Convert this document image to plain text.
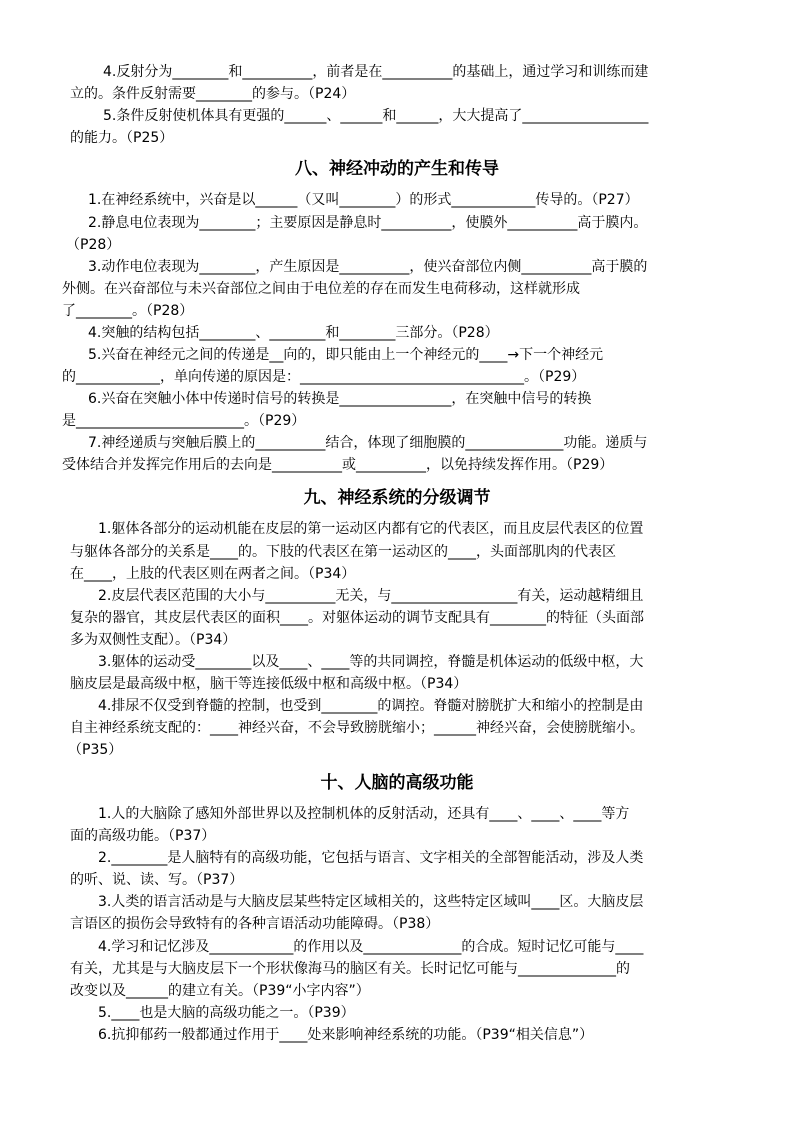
4.反射分为________和__________，前者是在__________的基础上，通过学习和训练而建
立的。条件反射需要________的参与。（P24）
5.条件反射使机体具有更强的______、______和______，大大提高了__________________
的能力。（P25）
八、神经冲动的产生和传导
1.在神经系统中，兴奋是以______（又叫________）的形式____________传导的。（P27）
2.静息电位表现为________；主要原因是静息时__________，使膜外__________高于膜内。
（P28）
3.动作电位表现为________，产生原因是__________，使兴奋部位内侧__________高于膜的
外侧。在兴奋部位与未兴奋部位之间由于电位差的存在而发生电荷移动，这样就形成
了________。（P28）
4.突触的结构包括________、________和________三部分。（P28）
5.兴奋在神经元之间的传递是__向的，即只能由上一个神经元的____→下一个神经元
的____________，单向传递的原因是：________________________________。（P29）
6.兴奋在突触小体中传递时信号的转换是________________，在突触中信号的转换
是________________________。（P29）
7.神经递质与突触后膜上的__________结合，体现了细胞膜的______________功能。递质与
受体结合并发挥完作用后的去向是__________或__________，以免持续发挥作用。（P29）
九、神经系统的分级调节
1.躯体各部分的运动机能在皮层的第一运动区内都有它的代表区，而且皮层代表区的位置
与躯体各部分的关系是____的。下肢的代表区在第一运动区的____，头面部肌肉的代表区
在____，上肢的代表区则在两者之间。（P34）
2.皮层代表区范围的大小与__________无关，与__________________有关，运动越精细且
复杂的器官，其皮层代表区的面积____。对躯体运动的调节支配具有________的特征（头面部
多为双侧性支配）。（P34）
3.躯体的运动受________以及____、____等的共同调控，脊髓是机体运动的低级中枢，大
脑皮层是最高级中枢，脑干等连接低级中枢和高级中枢。（P34）
4.排尿不仅受到脊髓的控制，也受到________的调控。脊髓对膀胱扩大和缩小的控制是由
自主神经系统支配的：____神经兴奋，不会导致膀胱缩小；______神经兴奋，会使膀胱缩小。
（P35）
十、人脑的高级功能
1.人的大脑除了感知外部世界以及控制机体的反射活动，还具有____、____、____等方
面的高级功能。（P37）
2.________是人脑特有的高级功能，它包括与语言、文字相关的全部智能活动，涉及人类
的听、说、读、写。（P37）
3.人类的语言活动是与大脑皮层某些特定区域相关的，这些特定区域叫____区。大脑皮层
言语区的损伤会导致特有的各种言语活动功能障碍。（P38）
4.学习和记忆涉及____________的作用以及______________的合成。短时记忆可能与____
有关，尤其是与大脑皮层下一个形状像海马的脑区有关。长时记忆可能与______________的
改变以及______的建立有关。（P39“小字内容”）
5.____也是大脑的高级功能之一。（P39）
6.抗抑郁药一般都通过作用于____处来影响神经系统的功能。（P39“相关信息”）
